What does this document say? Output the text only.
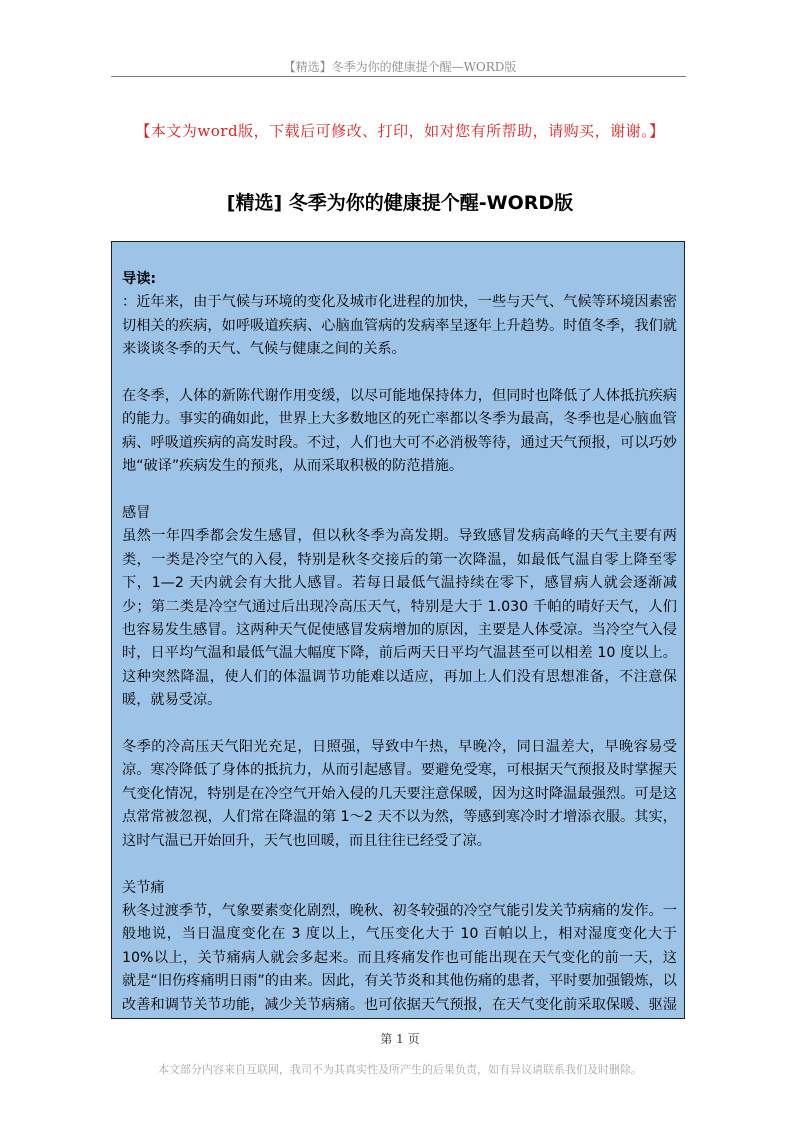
【精选】冬季为你的健康提个醒—WORD版
【本文为word版，下载后可修改、打印，如对您有所帮助，请购买，谢谢。】
[精选] 冬季为你的健康提个醒-WORD版

导读:

：近年来，由于气候与环境的变化及城市化进程的加快，一些与天气、气候等环境因素密切相关的疾病，如呼吸道疾病、心脑血管病的发病率呈逐年上升趋势。时值冬季，我们就来谈谈冬季的天气、气候与健康之间的关系。

在冬季，人体的新陈代谢作用变缓，以尽可能地保持体力，但同时也降低了人体抵抗疾病的能力。事实的确如此，世界上大多数地区的死亡率都以冬季为最高，冬季也是心脑血管病、呼吸道疾病的高发时段。不过，人们也大可不必消极等待，通过天气预报，可以巧妙地“破译”疾病发生的预兆，从而采取积极的防范措施。

感冒

虽然一年四季都会发生感冒，但以秋冬季为高发期。导致感冒发病高峰的天气主要有两类，一类是冷空气的入侵，特别是秋冬交接后的第一次降温，如最低气温自零上降至零下，1—2 天内就会有大批人感冒。若每日最低气温持续在零下，感冒病人就会逐渐减少；第二类是冷空气通过后出现冷高压天气，特别是大于 1.030 千帕的晴好天气，人们也容易发生感冒。这两种天气促使感冒发病增加的原因，主要是人体受凉。当冷空气入侵时，日平均气温和最低气温大幅度下降，前后两天日平均气温甚至可以相差 10 度以上。这种突然降温，使人们的体温调节功能难以适应，再加上人们没有思想准备，不注意保暖，就易受凉。

冬季的冷高压天气阳光充足，日照强，导致中午热，早晚冷，同日温差大，早晚容易受凉。寒冷降低了身体的抵抗力，从而引起感冒。要避免受寒，可根据天气预报及时掌握天气变化情况，特别是在冷空气开始入侵的几天要注意保暖，因为这时降温最强烈。可是这点常常被忽视，人们常在降温的第 1～2 天不以为然，等感到寒冷时才增添衣服。其实，这时气温已开始回升，天气也回暖，而且往往已经受了凉。

关节痛

秋冬过渡季节，气象要素变化剧烈，晚秋、初冬较强的冷空气能引发关节病痛的发作。一般地说，当日温度变化在 3 度以上，气压变化大于 10 百帕以上，相对湿度变化大于 10%以上，关节痛病人就会多起来。而且疼痛发作也可能出现在天气变化的前一天，这就是“旧伤疼痛明日雨”的由来。因此，有关节炎和其他伤痛的患者，平时要加强锻炼，以改善和调节关节功能，减少关节病痛。也可依据天气预报，在天气变化前采取保暖、驱湿

第 1 页
本文部分内容来自互联网，我司不为其真实性及所产生的后果负责，如有异议请联系我们及时删除。
